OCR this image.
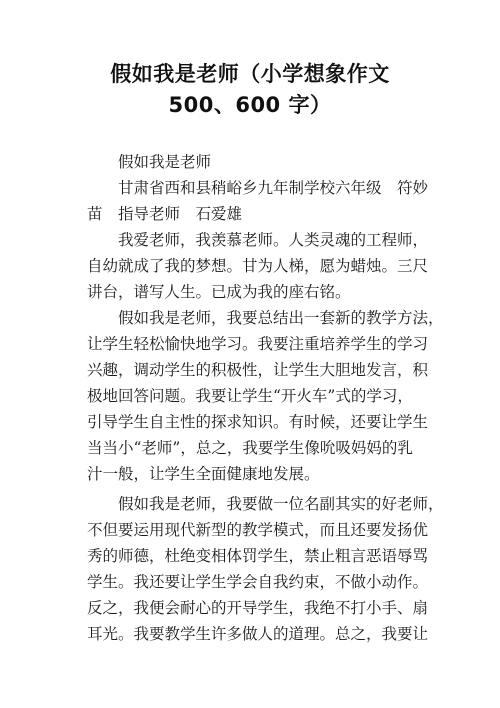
假如我是老师（小学想象作文
500、600 字）
假如我是老师
甘肃省西和县稍峪乡九年制学校六年级　符妙
苗　指导老师　石爱雄
我爱老师，我羡慕老师。人类灵魂的工程师，
自幼就成了我的梦想。甘为人梯，愿为蜡烛。三尺
讲台，谱写人生。已成为我的座右铭。
假如我是老师，我要总结出一套新的教学方法，
让学生轻松愉快地学习。我要注重培养学生的学习
兴趣，调动学生的积极性，让学生大胆地发言，积
极地回答问题。我要让学生“开火车”式的学习，
引导学生自主性的探求知识。有时候，还要让学生
当当小“老师”，总之，我要学生像吮吸妈妈的乳
汁一般，让学生全面健康地发展。
假如我是老师，我要做一位名副其实的好老师，
不但要运用现代新型的教学模式，而且还要发扬优
秀的师德，杜绝变相体罚学生，禁止粗言恶语辱骂
学生。我还要让学生学会自我约束，不做小动作。
反之，我便会耐心的开导学生，我绝不打小手、扇
耳光。我要教学生许多做人的道理。总之，我要让
